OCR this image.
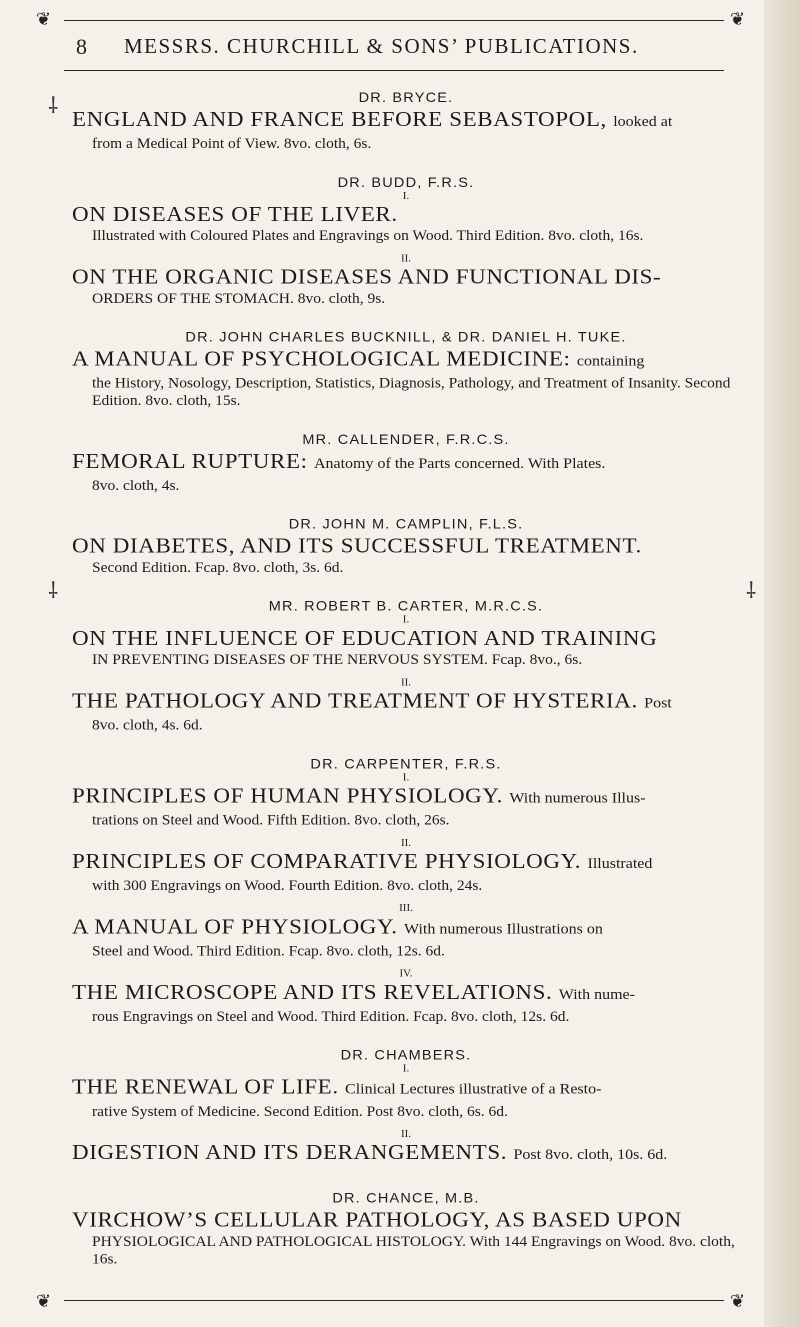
❦	❦
8 MESSRS. CHURCHILL & SONS’ PUBLICATIONS.
⸸
⸸	⸸
DR. BRYCE.
ENGLAND AND FRANCE BEFORE SEBASTOPOL, looked at
from a Medical Point of View. 8vo. cloth, 6s.
DR. BUDD, F.R.S.
I.
ON DISEASES OF THE LIVER.
Illustrated with Coloured Plates and Engravings on Wood. Third Edition. 8vo. cloth, 16s.
II.
ON THE ORGANIC DISEASES AND FUNCTIONAL DIS-
ORDERS OF THE STOMACH. 8vo. cloth, 9s.
DR. JOHN CHARLES BUCKNILL, & DR. DANIEL H. TUKE.
A MANUAL OF PSYCHOLOGICAL MEDICINE: containing
the History, Nosology, Description, Statistics, Diagnosis, Pathology, and Treatment of Insanity. Second Edition. 8vo. cloth, 15s.
MR. CALLENDER, F.R.C.S.
FEMORAL RUPTURE: Anatomy of the Parts concerned. With Plates.
8vo. cloth, 4s.
DR. JOHN M. CAMPLIN, F.L.S.
ON DIABETES, AND ITS SUCCESSFUL TREATMENT.
Second Edition. Fcap. 8vo. cloth, 3s. 6d.
MR. ROBERT B. CARTER, M.R.C.S.
I.
ON THE INFLUENCE OF EDUCATION AND TRAINING
IN PREVENTING DISEASES OF THE NERVOUS SYSTEM. Fcap. 8vo., 6s.
II.
THE PATHOLOGY AND TREATMENT OF HYSTERIA. Post
8vo. cloth, 4s. 6d.
DR. CARPENTER, F.R.S.
I.
PRINCIPLES OF HUMAN PHYSIOLOGY. With numerous Illus-
trations on Steel and Wood. Fifth Edition. 8vo. cloth, 26s.
II.
PRINCIPLES OF COMPARATIVE PHYSIOLOGY. Illustrated
with 300 Engravings on Wood. Fourth Edition. 8vo. cloth, 24s.
III.
A MANUAL OF PHYSIOLOGY. With numerous Illustrations on
Steel and Wood. Third Edition. Fcap. 8vo. cloth, 12s. 6d.
IV.
THE MICROSCOPE AND ITS REVELATIONS. With nume-
rous Engravings on Steel and Wood. Third Edition. Fcap. 8vo. cloth, 12s. 6d.
DR. CHAMBERS.
I.
THE RENEWAL OF LIFE. Clinical Lectures illustrative of a Resto-
rative System of Medicine. Second Edition. Post 8vo. cloth, 6s. 6d.
II.
DIGESTION AND ITS DERANGEMENTS. Post 8vo. cloth, 10s. 6d.
DR. CHANCE, M.B.
VIRCHOW’S CELLULAR PATHOLOGY, AS BASED UPON
PHYSIOLOGICAL AND PATHOLOGICAL HISTOLOGY. With 144 Engravings on Wood. 8vo. cloth, 16s.
❦	❦
